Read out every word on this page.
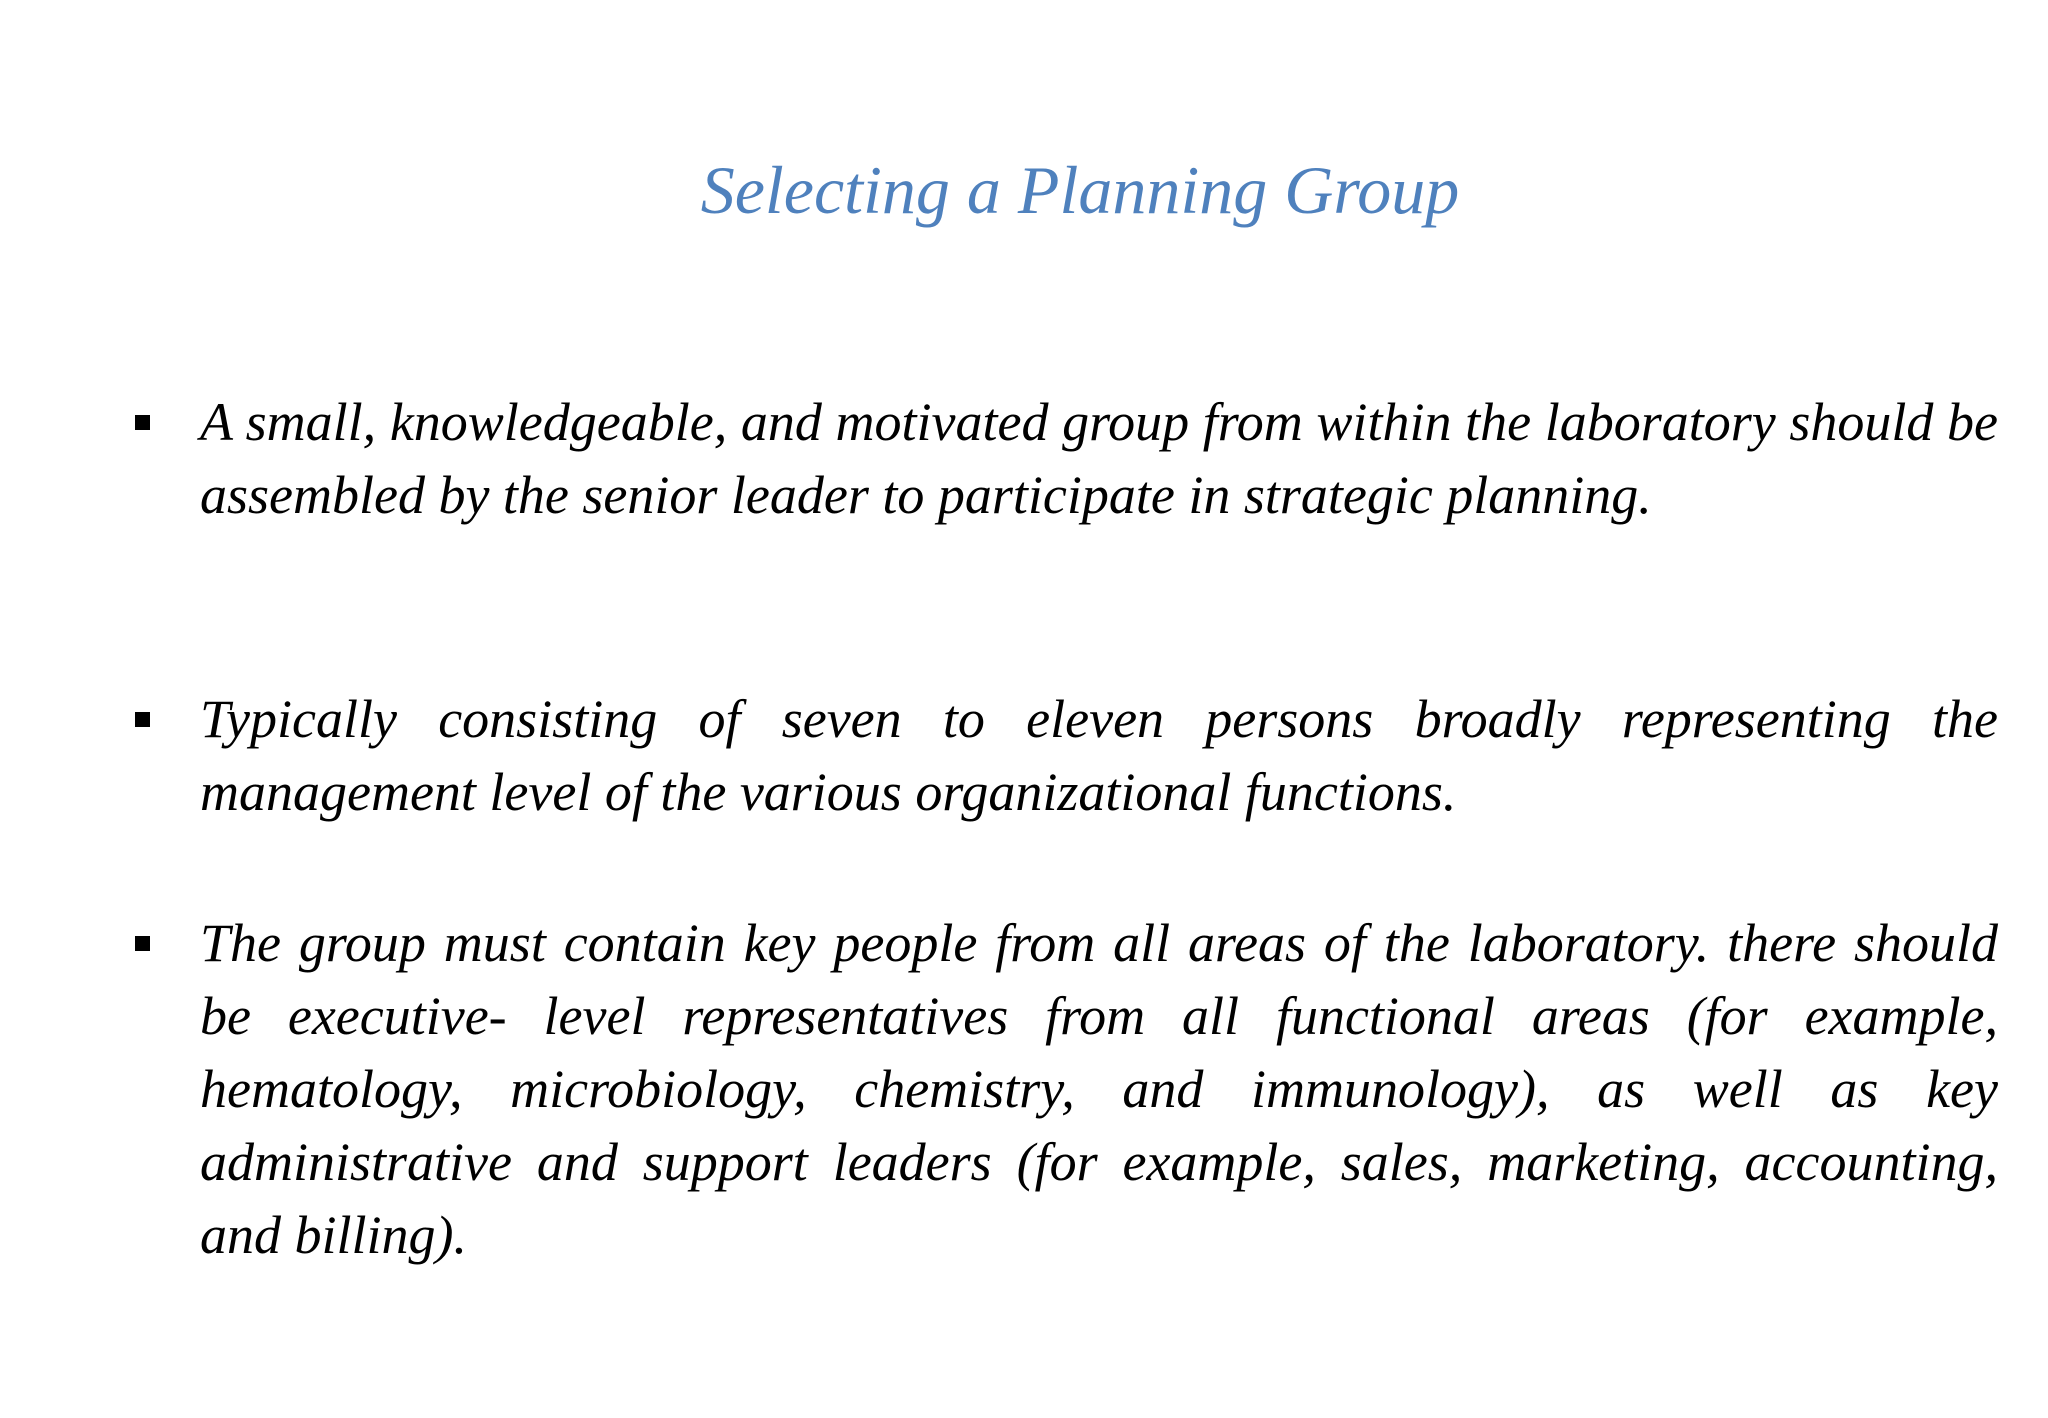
Selecting a Planning Group
A small, knowledgeable, and motivated group from within the laboratory should be assembled by the senior leader to participate in strategic planning.
Typically consisting of seven to eleven persons broadly representing the management level of the various organizational functions.
The group must contain key people from all areas of the laboratory. there should be executive- level representatives from all functional areas (for example, hematology, microbiology, chemistry, and immunology), as well as key administrative and support leaders (for example, sales, marketing, accounting, and billing).
